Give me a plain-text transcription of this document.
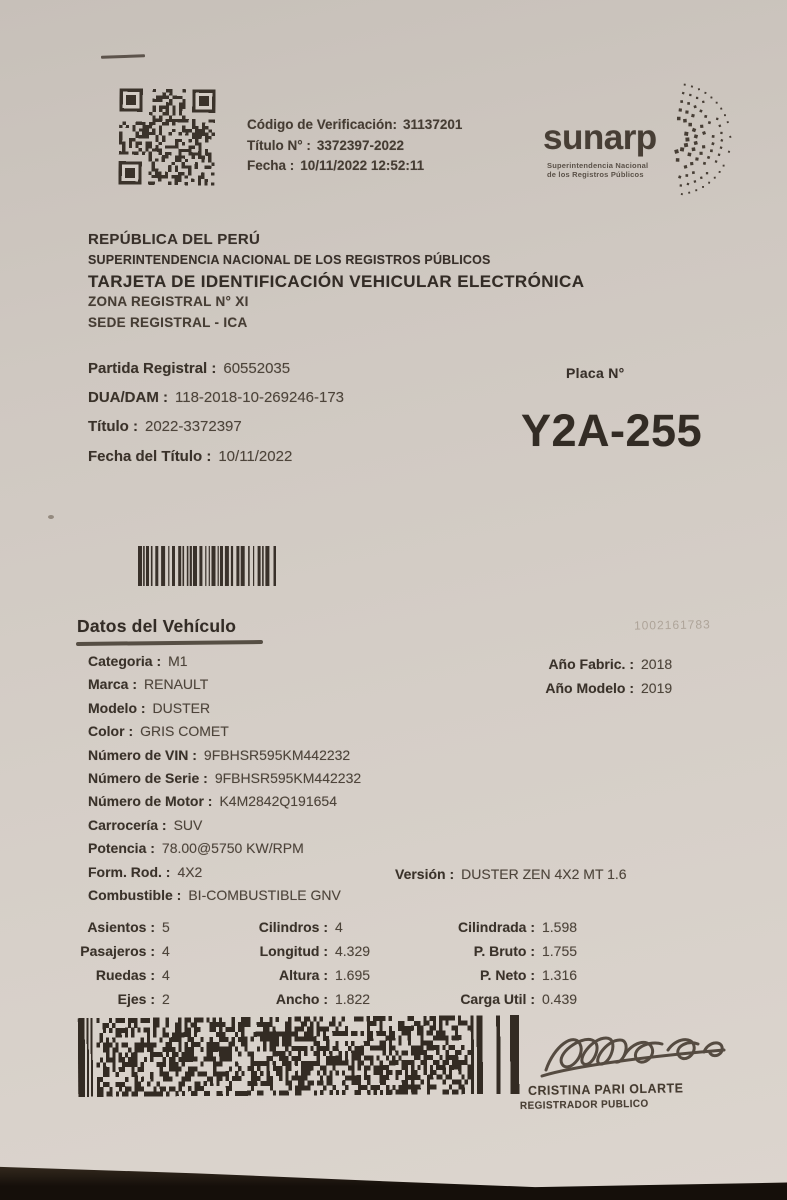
Código de Verificación: 31137201
Título N° : 3372397-2022
Fecha : 10/11/2022 12:52:11
sunarp
Superintendencia Nacional
de los Registros Públicos
REPÚBLICA DEL PERÚ
SUPERINTENDENCIA NACIONAL DE LOS REGISTROS PÚBLICOS
TARJETA DE IDENTIFICACIÓN VEHICULAR ELECTRÓNICA
ZONA REGISTRAL N° XI
SEDE REGISTRAL - ICA
Partida Registral : 60552035
DUA/DAM : 118-2018-10-269246-173
Título : 2022-3372397
Fecha del Título : 10/11/2022
Placa N°
Y2A-255
Datos del Vehículo	1002161783
Categoria : M1
Marca : RENAULT
Modelo : DUSTER
Color : GRIS COMET
Número de VIN : 9FBHSR595KM442232
Número de Serie : 9FBHSR595KM442232
Número de Motor : K4M2842Q191654
Carrocería : SUV
Potencia : 78.00@5750 KW/RPM
Form. Rod. : 4X2
Combustible : BI-COMBUSTIBLE GNV
Año Fabric. : 2018
Año Modelo : 2019
Versión : DUSTER ZEN 4X2 MT 1.6
Asientos : 5
Pasajeros : 4
Ruedas : 4
Ejes : 2
Cilindros : 4
Longitud : 4.329
Altura : 1.695
Ancho : 1.822
Cilindrada : 1.598
P. Bruto : 1.755
P. Neto : 1.316
Carga Util : 0.439
CRISTINA PARI OLARTE
REGISTRADOR PUBLICO
